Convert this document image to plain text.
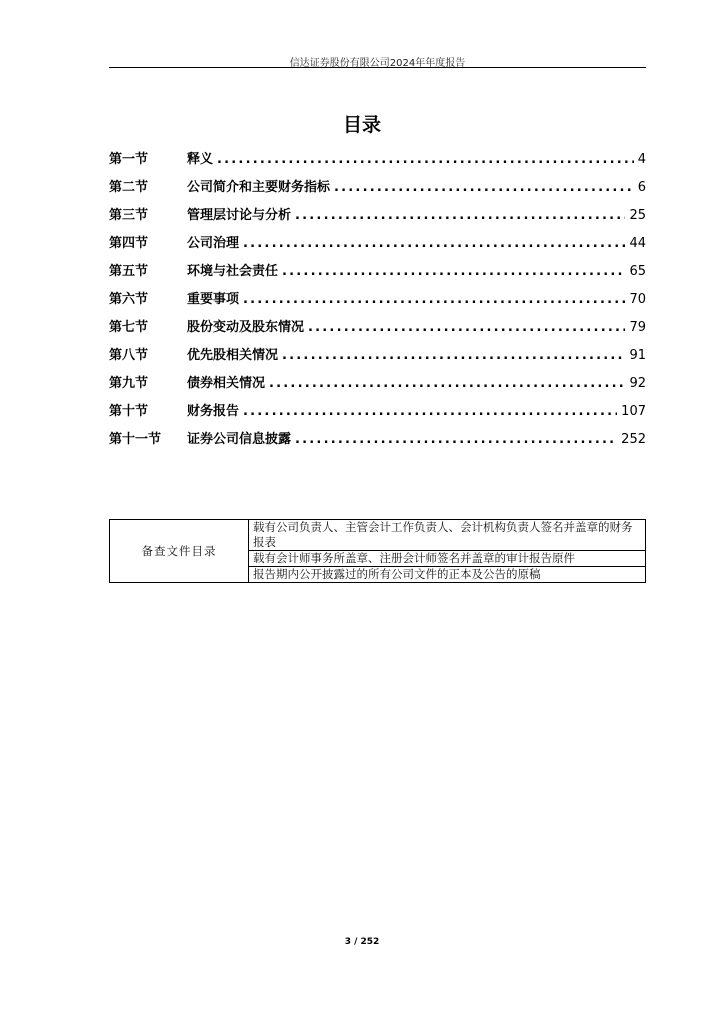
信达证券股份有限公司2024年年度报告
目录
第一节	释义 .....	4
第二节	公司简介和主要财务指标 .....	6
第三节	管理层讨论与分析 .....	25
第四节	公司治理 .....	44
第五节	环境与社会责任 .....	65
第六节	重要事项 .....	70
第七节	股份变动及股东情况 .....	79
第八节	优先股相关情况 .....	91
第九节	债券相关情况 .....	92
第十节	财务报告 .....	107
第十一节	证券公司信息披露 .....	252
备查文件目录	载有公司负责人、主管会计工作负责人、会计机构负责人签名并盖章的财务报表
载有会计师事务所盖章、注册会计师签名并盖章的审计报告原件
报告期内公开披露过的所有公司文件的正本及公告的原稿
3 / 252
